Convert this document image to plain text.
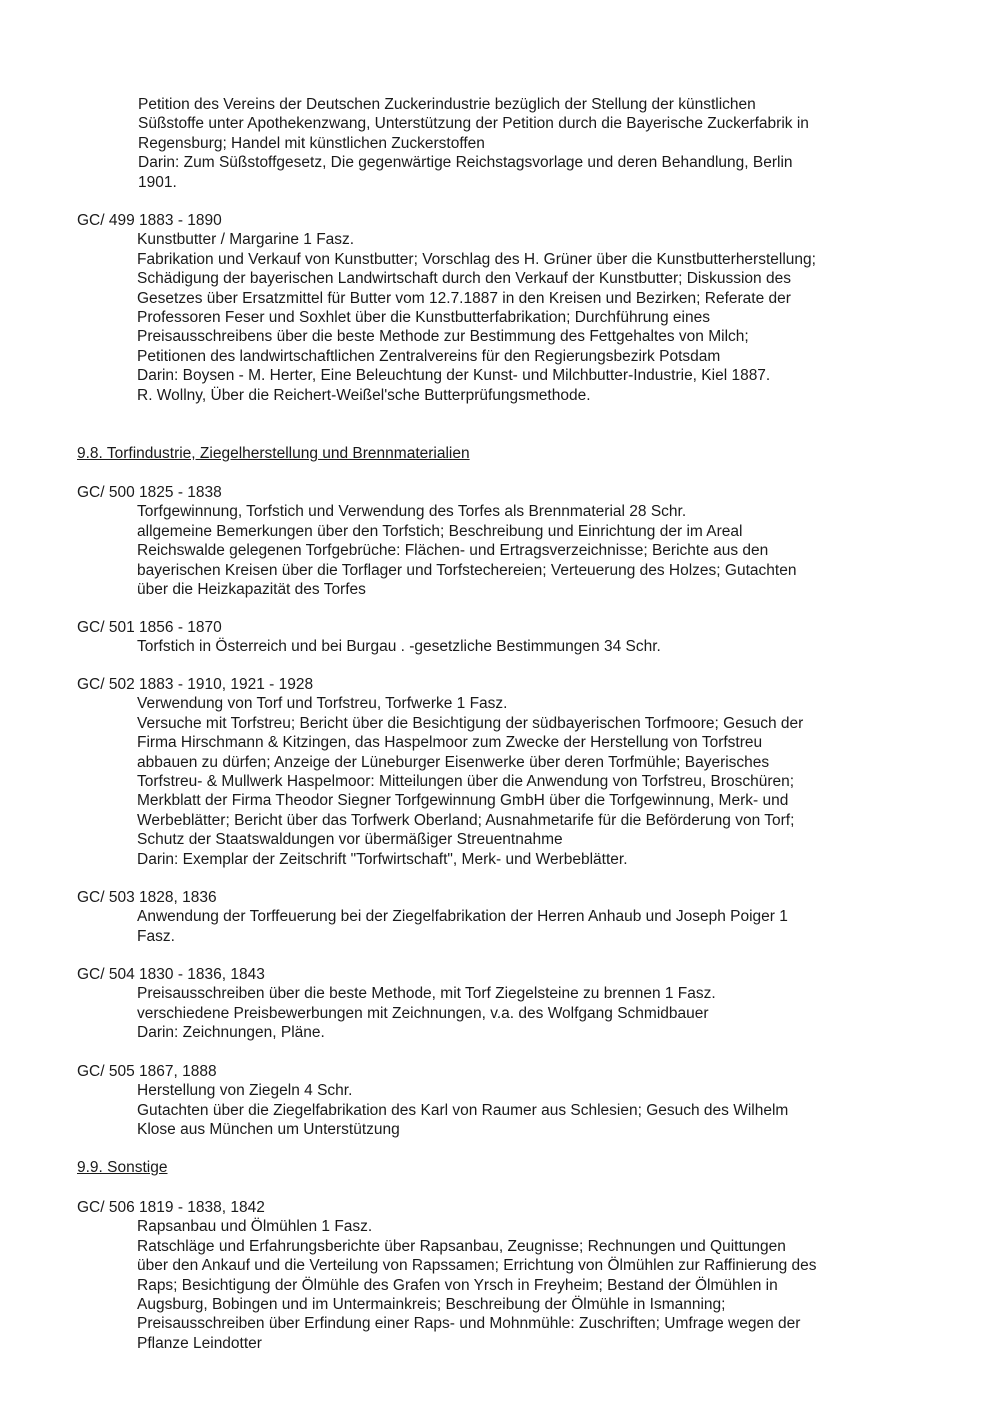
Petition des Vereins der Deutschen Zuckerindustrie bezüglich der Stellung der künstlichen
Süßstoffe unter Apothekenzwang, Unterstützung der Petition durch die Bayerische Zuckerfabrik in
Regensburg; Handel mit künstlichen Zuckerstoffen
Darin: Zum Süßstoffgesetz, Die gegenwärtige Reichstagsvorlage und deren Behandlung, Berlin
1901.
GC/ 499 1883 - 1890
Kunstbutter / Margarine 1 Fasz.
Fabrikation und Verkauf von Kunstbutter; Vorschlag des H. Grüner über die Kunstbutterherstellung;
Schädigung der bayerischen Landwirtschaft durch den Verkauf der Kunstbutter; Diskussion des
Gesetzes über Ersatzmittel für Butter vom 12.7.1887 in den Kreisen und Bezirken; Referate der
Professoren Feser und Soxhlet über die Kunstbutterfabrikation; Durchführung eines
Preisausschreibens über die beste Methode zur Bestimmung des Fettgehaltes von Milch;
Petitionen des landwirtschaftlichen Zentralvereins für den Regierungsbezirk Potsdam
Darin: Boysen - M. Herter, Eine Beleuchtung der Kunst- und Milchbutter-Industrie, Kiel 1887.
R. Wollny, Über die Reichert-Weißel'sche Butterprüfungsmethode.
9.8. Torfindustrie, Ziegelherstellung und Brennmaterialien
GC/ 500 1825 - 1838
Torfgewinnung, Torfstich und Verwendung des Torfes als Brennmaterial 28 Schr.
allgemeine Bemerkungen über den Torfstich; Beschreibung und Einrichtung der im Areal
Reichswalde gelegenen Torfgebrüche: Flächen- und Ertragsverzeichnisse; Berichte aus den
bayerischen Kreisen über die Torflager und Torfstechereien; Verteuerung des Holzes; Gutachten
über die Heizkapazität des Torfes
GC/ 501 1856 - 1870
Torfstich in Österreich und bei Burgau . -gesetzliche Bestimmungen 34 Schr.
GC/ 502 1883 - 1910, 1921 - 1928
Verwendung von Torf und Torfstreu, Torfwerke 1 Fasz.
Versuche mit Torfstreu; Bericht über die Besichtigung der südbayerischen Torfmoore; Gesuch der
Firma Hirschmann & Kitzingen, das Haspelmoor zum Zwecke der Herstellung von Torfstreu
abbauen zu dürfen; Anzeige der Lüneburger Eisenwerke über deren Torfmühle; Bayerisches
Torfstreu- & Mullwerk Haspelmoor: Mitteilungen über die Anwendung von Torfstreu, Broschüren;
Merkblatt der Firma Theodor Siegner Torfgewinnung GmbH über die Torfgewinnung, Merk- und
Werbeblätter; Bericht über das Torfwerk Oberland; Ausnahmetarife für die Beförderung von Torf;
Schutz der Staatswaldungen vor übermäßiger Streuentnahme
Darin: Exemplar der Zeitschrift "Torfwirtschaft", Merk- und Werbeblätter.
GC/ 503 1828, 1836
Anwendung der Torffeuerung bei der Ziegelfabrikation der Herren Anhaub und Joseph Poiger 1
Fasz.
GC/ 504 1830 - 1836, 1843
Preisausschreiben über die beste Methode, mit Torf Ziegelsteine zu brennen 1 Fasz.
verschiedene Preisbewerbungen mit Zeichnungen, v.a. des Wolfgang Schmidbauer
Darin: Zeichnungen, Pläne.
GC/ 505 1867, 1888
Herstellung von Ziegeln 4 Schr.
Gutachten über die Ziegelfabrikation des Karl von Raumer aus Schlesien; Gesuch des Wilhelm
Klose aus München um Unterstützung
9.9. Sonstige
GC/ 506 1819 - 1838, 1842
Rapsanbau und Ölmühlen 1 Fasz.
Ratschläge und Erfahrungsberichte über Rapsanbau, Zeugnisse; Rechnungen und Quittungen
über den Ankauf und die Verteilung von Rapssamen; Errichtung von Ölmühlen zur Raffinierung des
Raps; Besichtigung der Ölmühle des Grafen von Yrsch in Freyheim; Bestand der Ölmühlen in
Augsburg, Bobingen und im Untermainkreis; Beschreibung der Ölmühle in Ismanning;
Preisausschreiben über Erfindung einer Raps- und Mohnmühle: Zuschriften; Umfrage wegen der
Pflanze Leindotter
